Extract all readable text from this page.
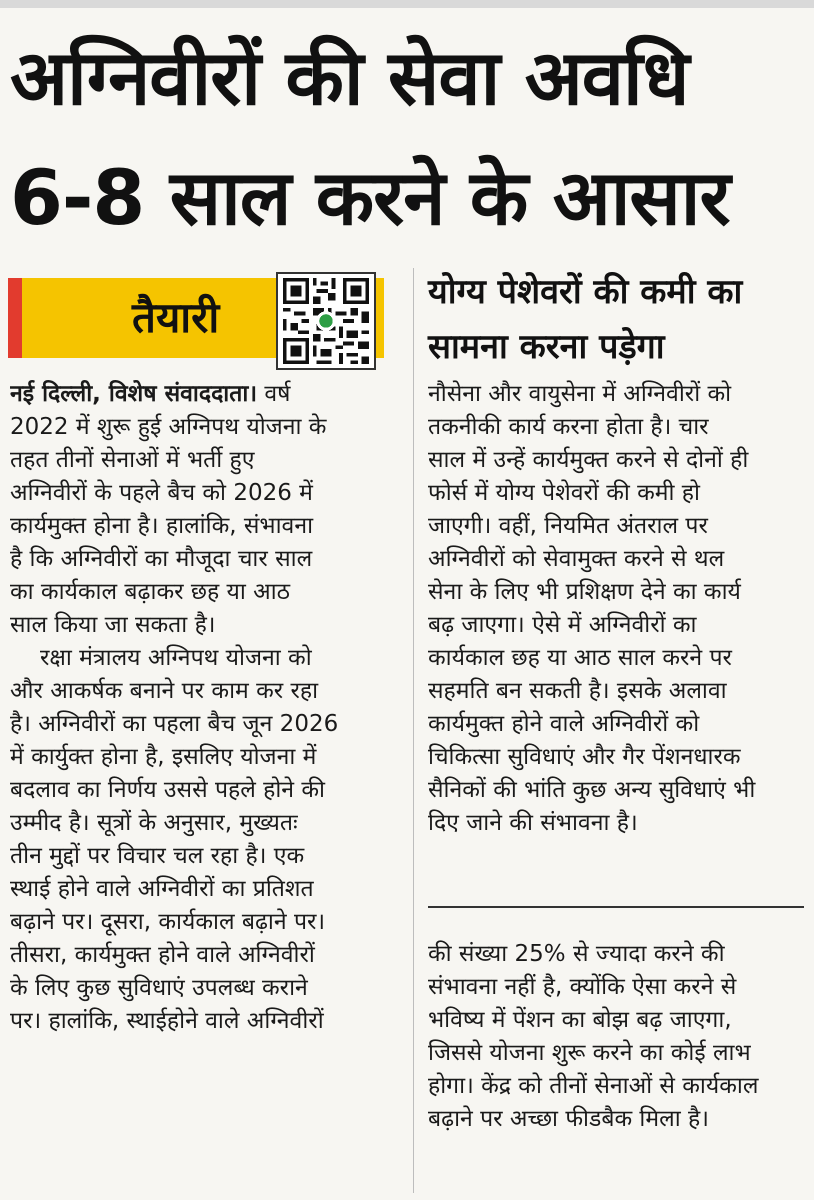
अग्निवीरों की सेवा अवधि
6-8 साल करने के आसार
तैयारी
योग्य पेशेवरों की कमी का
सामना करना पड़ेगा
नई दिल्ली, विशेष संवाददाता। वर्ष
2022 में शुरू हुई अग्निपथ योजना के
तहत तीनों सेनाओं में भर्ती हुए
अग्निवीरों के पहले बैच को 2026 में
कार्यमुक्त होना है। हालांकि, संभावना
है कि अग्निवीरों का मौजूदा चार साल
का कार्यकाल बढ़ाकर छह या आठ
साल किया जा सकता है।
रक्षा मंत्रालय अग्निपथ योजना को
और आकर्षक बनाने पर काम कर रहा
है। अग्निवीरों का पहला बैच जून 2026
में कार्युक्त होना है, इसलिए योजना में
बदलाव का निर्णय उससे पहले होने की
उम्मीद है। सूत्रों के अनुसार, मुख्यतः
तीन मुद्दों पर विचार चल रहा है। एक
स्थाई होने वाले अग्निवीरों का प्रतिशत
बढ़ाने पर। दूसरा, कार्यकाल बढ़ाने पर।
तीसरा, कार्यमुक्त होने वाले अग्निवीरों
के लिए कुछ सुविधाएं उपलब्ध कराने
पर। हालांकि, स्थाईहोने वाले अग्निवीरों
नौसेना और वायुसेना में अग्निवीरों को
तकनीकी कार्य करना होता है। चार
साल में उन्हें कार्यमुक्त करने से दोनों ही
फोर्स में योग्य पेशेवरों की कमी हो
जाएगी। वहीं, नियमित अंतराल पर
अग्निवीरों को सेवामुक्त करने से थल
सेना के लिए भी प्रशिक्षण देने का कार्य
बढ़ जाएगा। ऐसे में अग्निवीरों का
कार्यकाल छह या आठ साल करने पर
सहमति बन सकती है। इसके अलावा
कार्यमुक्त होने वाले अग्निवीरों को
चिकित्सा सुविधाएं और गैर पेंशनधारक
सैनिकों की भांति कुछ अन्य सुविधाएं भी
दिए जाने की संभावना है।
की संख्या 25% से ज्यादा करने की
संभावना नहीं है, क्योंकि ऐसा करने से
भविष्य में पेंशन का बोझ बढ़ जाएगा,
जिससे योजना शुरू करने का कोई लाभ
होगा। केंद्र को तीनों सेनाओं से कार्यकाल
बढ़ाने पर अच्छा फीडबैक मिला है।
